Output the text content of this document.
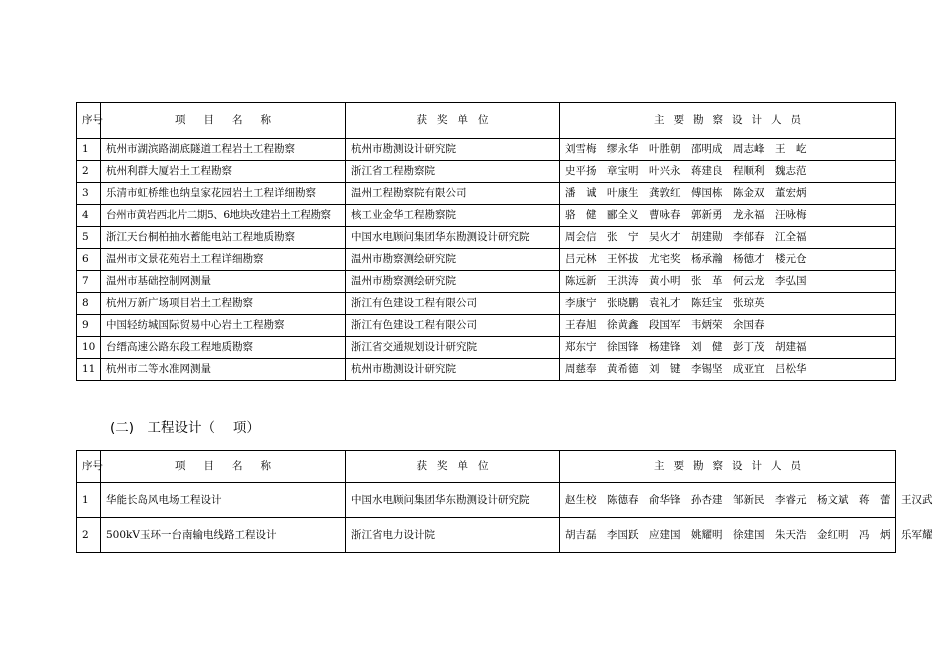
序号	项目名称	获奖单位	主要勘察设计人员
1	杭州市湖滨路湖底隧道工程岩土工程勘察	杭州市勘测设计研究院	刘雪梅　缪永华　叶胜朝　邵明成　周志峰　王　屹
2	杭州利群大厦岩土工程勘察	浙江省工程勘察院	史平扬　章宝明　叶兴永　蒋建良　程顺利　魏志范
3	乐清市虹桥维也纳皇家花园岩土工程详细勘察	温州工程勘察院有限公司	潘　诚　叶康生　龚敦红　傅国栋　陈金双　董宏炳
4	台州市黄岩西北片二期5、6地块改建岩土工程勘察	核工业金华工程勘察院	骆　健　郦全义　曹咏春　郭新勇　龙永福　汪咏梅
5	浙江天台桐柏抽水蓄能电站工程地质勘察	中国水电顾问集团华东勘测设计研究院	周会信　张　宁　吴火才　胡建勋　李郁春　江全福
6	温州市文景花苑岩土工程详细勘察	温州市勘察测绘研究院	吕元林　王怀拔　尤宅奖　杨承瀚　杨德才　楼元仓
7	温州市基础控制网测量	温州市勘察测绘研究院	陈远新　王洪涛　黄小明　张　革　何云龙　李弘国
8	杭州万新广场项目岩土工程勘察	浙江有色建设工程有限公司	李康宁　张晓鹏　袁礼才　陈廷宝　张琼英
9	中国轻纺城国际贸易中心岩土工程勘察	浙江有色建设工程有限公司	王春旭　徐黄鑫　段国军　韦炳荣　余国春
10	台缙高速公路东段工程地质勘察	浙江省交通规划设计研究院	郑东宁　徐国锋　杨建锋　刘　健　彭丁茂　胡建福
11	杭州市二等水准网测量	杭州市勘测设计研究院	周慈奉　黄希德　刘　键　李锡坚　成亚宜　吕松华
(二)　工程设计（　 项）
序号	项目名称	获奖单位	主要勘察设计人员
1	华能长岛风电场工程设计	中国水电顾问集团华东勘测设计研究院	赵生校　陈德春　俞华锋　孙杏建　邹新民　李睿元　杨文斌　蒋　蕾　王汉武
2	500kV玉环一台南输电线路工程设计	浙江省电力设计院	胡吉磊　李国跃　应建国　姚耀明　徐建国　朱天浩　金红明　冯　炳　乐军耀
